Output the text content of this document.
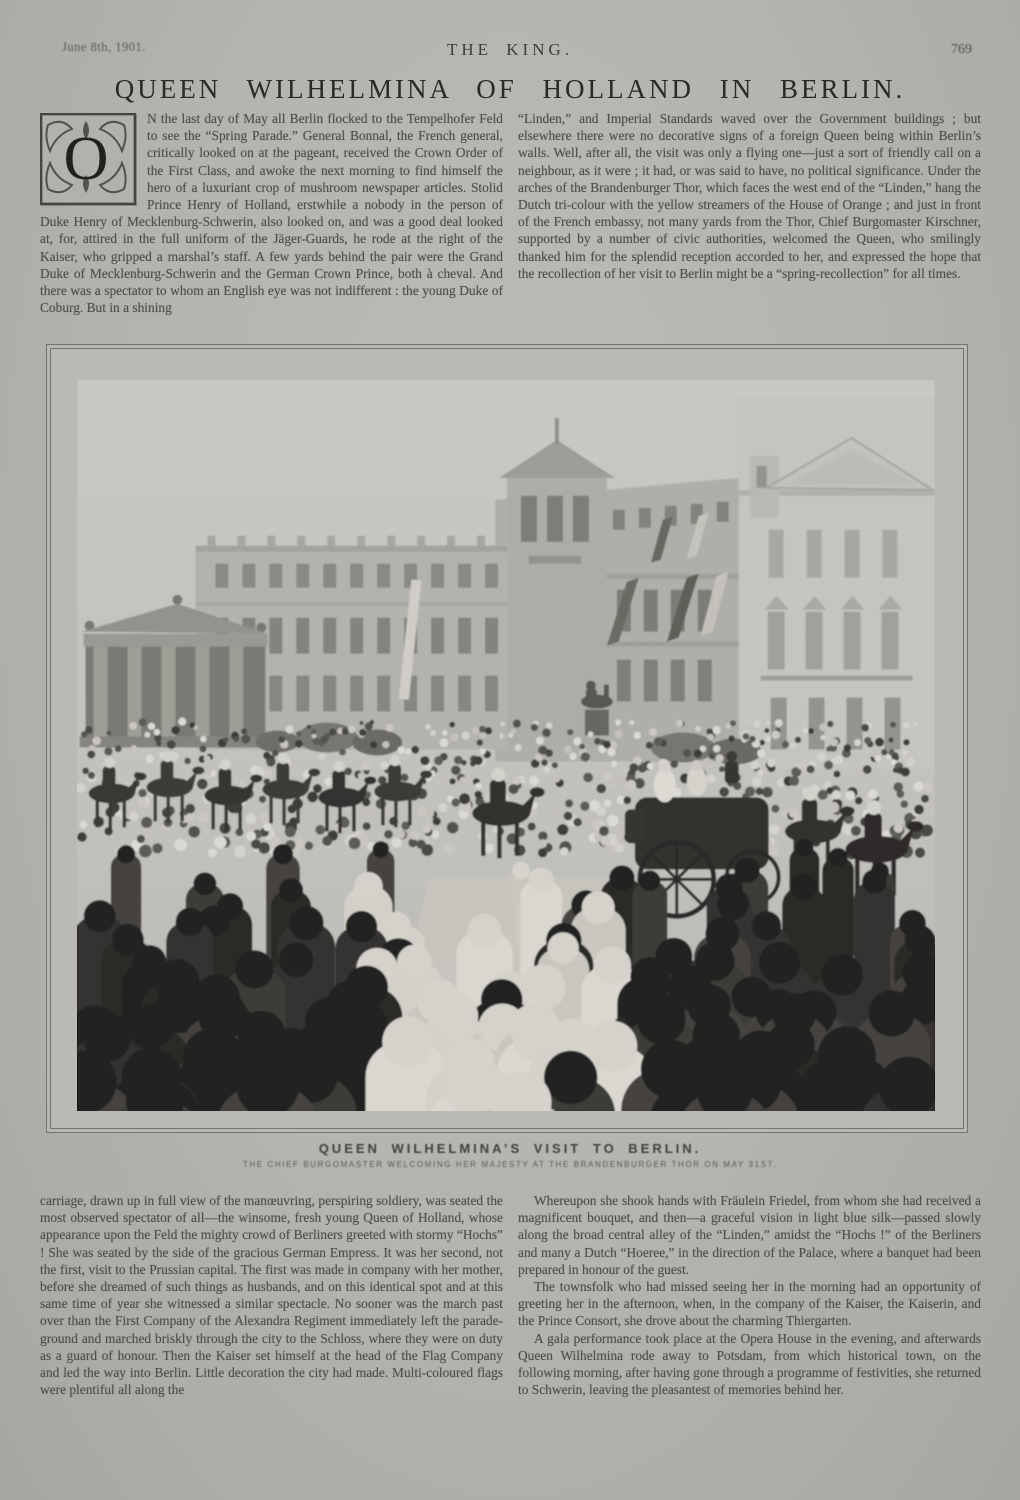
June 8th, 1901.	THE KING.	769
QUEEN WILHELMINA OF HOLLAND IN BERLIN.
O

N the last day of May all Berlin flocked to the Tempelhofer Feld to see the “Spring Parade.” General Bonnal, the French general, critically looked on at the pageant, received the Crown Order of the First Class, and awoke the next morning to find himself the hero of a luxuriant crop of mushroom newspaper articles. Stolid Prince Henry of Holland, erstwhile a nobody in the person of Duke Henry of Mecklenburg-Schwerin, also looked on, and was a good deal looked at, for, attired in the full uniform of the Jäger-Guards, he rode at the right of the Kaiser, who gripped a marshal’s staff. A few yards behind the pair were the Grand Duke of Mecklenburg-Schwerin and the German Crown Prince, both à cheval. And there was a spectator to whom an English eye was not indifferent : the young Duke of Coburg. But in a shining

“Linden,” and Imperial Standards waved over the Government buildings ; but elsewhere there were no decorative signs of a foreign Queen being within Berlin’s walls. Well, after all, the visit was only a flying one—just a sort of friendly call on a neighbour, as it were ; it had, or was said to have, no political significance. Under the arches of the Brandenburger Thor, which faces the west end of the “Linden,” hang the Dutch tri-colour with the yellow streamers of the House of Orange ; and just in front of the French embassy, not many yards from the Thor, Chief Burgomaster Kirschner, supported by a number of civic authorities, welcomed the Queen, who smilingly thanked him for the splendid reception accorded to her, and expressed the hope that the recollection of her visit to Berlin might be a “spring-recollection” for all times.

QUEEN WILHELMINA’S VISIT TO BERLIN.
THE CHIEF BURGOMASTER WELCOMING HER MAJESTY AT THE BRANDENBURGER THOR ON MAY 31ST.

carriage, drawn up in full view of the manœuvring, perspiring soldiery, was seated the most observed spectator of all—the winsome, fresh young Queen of Holland, whose appearance upon the Feld the mighty crowd of Berliners greeted with stormy “Hochs” ! She was seated by the side of the gracious German Empress. It was her second, not the first, visit to the Prussian capital. The first was made in company with her mother, before she dreamed of such things as husbands, and on this identical spot and at this same time of year she witnessed a similar spectacle. No sooner was the march past over than the First Company of the Alexandra Regiment immediately left the parade-ground and marched briskly through the city to the Schloss, where they were on duty as a guard of honour. Then the Kaiser set himself at the head of the Flag Company and led the way into Berlin. Little decoration the city had made. Multi-coloured flags were plentiful all along the

Whereupon she shook hands with Fräulein Friedel, from whom she had received a magnificent bouquet, and then—a graceful vision in light blue silk—passed slowly along the broad central alley of the “Linden,” amidst the “Hochs !” of the Berliners and many a Dutch “Hoeree,” in the direction of the Palace, where a banquet had been prepared in honour of the guest.

The townsfolk who had missed seeing her in the morning had an opportunity of greeting her in the afternoon, when, in the company of the Kaiser, the Kaiserin, and the Prince Consort, she drove about the charming Thiergarten.

A gala performance took place at the Opera House in the evening, and afterwards Queen Wilhelmina rode away to Potsdam, from which historical town, on the following morning, after having gone through a programme of festivities, she returned to Schwerin, leaving the pleasantest of memories behind her.
